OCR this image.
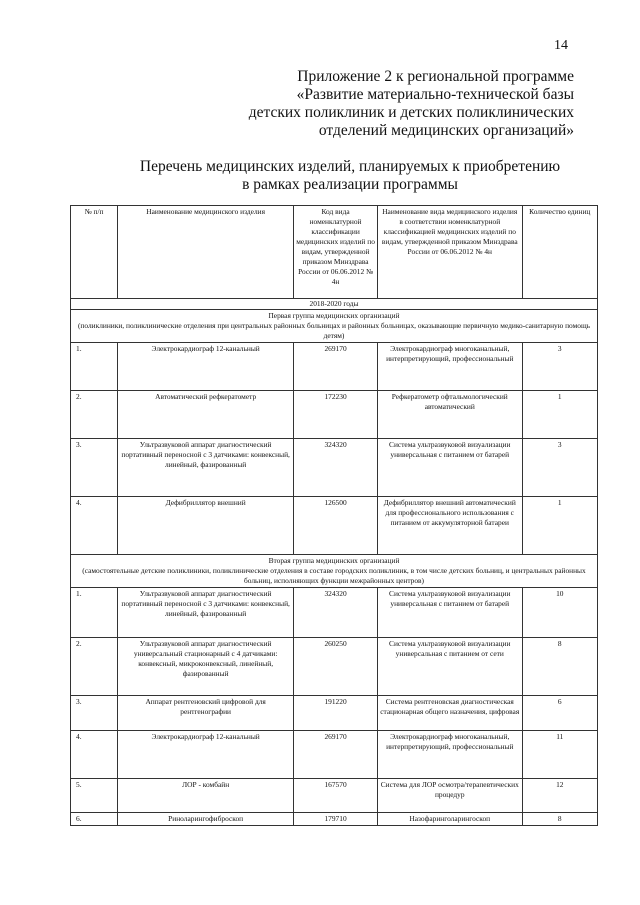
14
Приложение 2 к региональной программе
«Развитие материально-технической базы
детских поликлиник и детских поликлинических
отделений медицинских организаций»
Перечень медицинских изделий, планируемых к приобретению
в рамках реализации программы
№ п/п	Наименование медицинского изделия	Код вида номенклатурной классификации медицинских изделий по видам, утвержденной приказом Минздрава России от 06.06.2012 № 4н	Наименование вида медицинского изделия в соответствии номенклатурной классификацией медицинских изделий по видам, утвержденной приказом Минздрава России от 06.06.2012 № 4н	Количество единиц
2018-2020 годы				

Первая группа медицинских организаций
(поликлиники, поликлинические отделения при центральных районных больницах и районных больницах, оказывающие первичную медико-санитарную помощь детям)				

1.	Электрокардиограф 12-канальный	269170	Электрокардиограф многоканальный, интерпретирующий, профессиональный	3
2.	Автоматический рефкератометр	172230	Рефкератометр офтальмологический автоматический	1
3.	Ультразвуковой аппарат диагностический портативный переносной с 3 датчиками: конвексный, линейный, фазированный	324320	Система ультразвуковой визуализации универсальная с питанием от батарей	3
4.	Дефибриллятор внешний	126500	Дефибриллятор внешний автоматический для профессионального использования с питанием от аккумуляторной батареи	1

Вторая группа медицинских организаций
(самостоятельные детские поликлиники, поликлинические отделения в составе городских поликлиник, в том числе детских больниц, и центральных районных больниц, исполняющих функции межрайонных центров)				

1.	Ультразвуковой аппарат диагностический портативный переносной с 3 датчиками: конвексный, линейный, фазированный	324320	Система ультразвуковой визуализации универсальная с питанием от батарей	10
2.	Ультразвуковой аппарат диагностический универсальный стационарный с 4 датчиками: конвексный, микроконвексный, линейный, фазированный	260250	Система ультразвуковой визуализации универсальная с питанием от сети	8
3.	Аппарат рентгеновский цифровой для рентгенографии	191220	Система рентгеновская диагностическая стационарная общего назначения, цифровая	6
4.	Электрокардиограф 12-канальный	269170	Электрокардиограф многоканальный, интерпретирующий, профессиональный	11
5.	ЛОР - комбайн	167570	Система для ЛОР осмотра/терапевтических процедур	12
6.	Риноларингофиброскоп	179710	Назофаринголарингоскоп	8
